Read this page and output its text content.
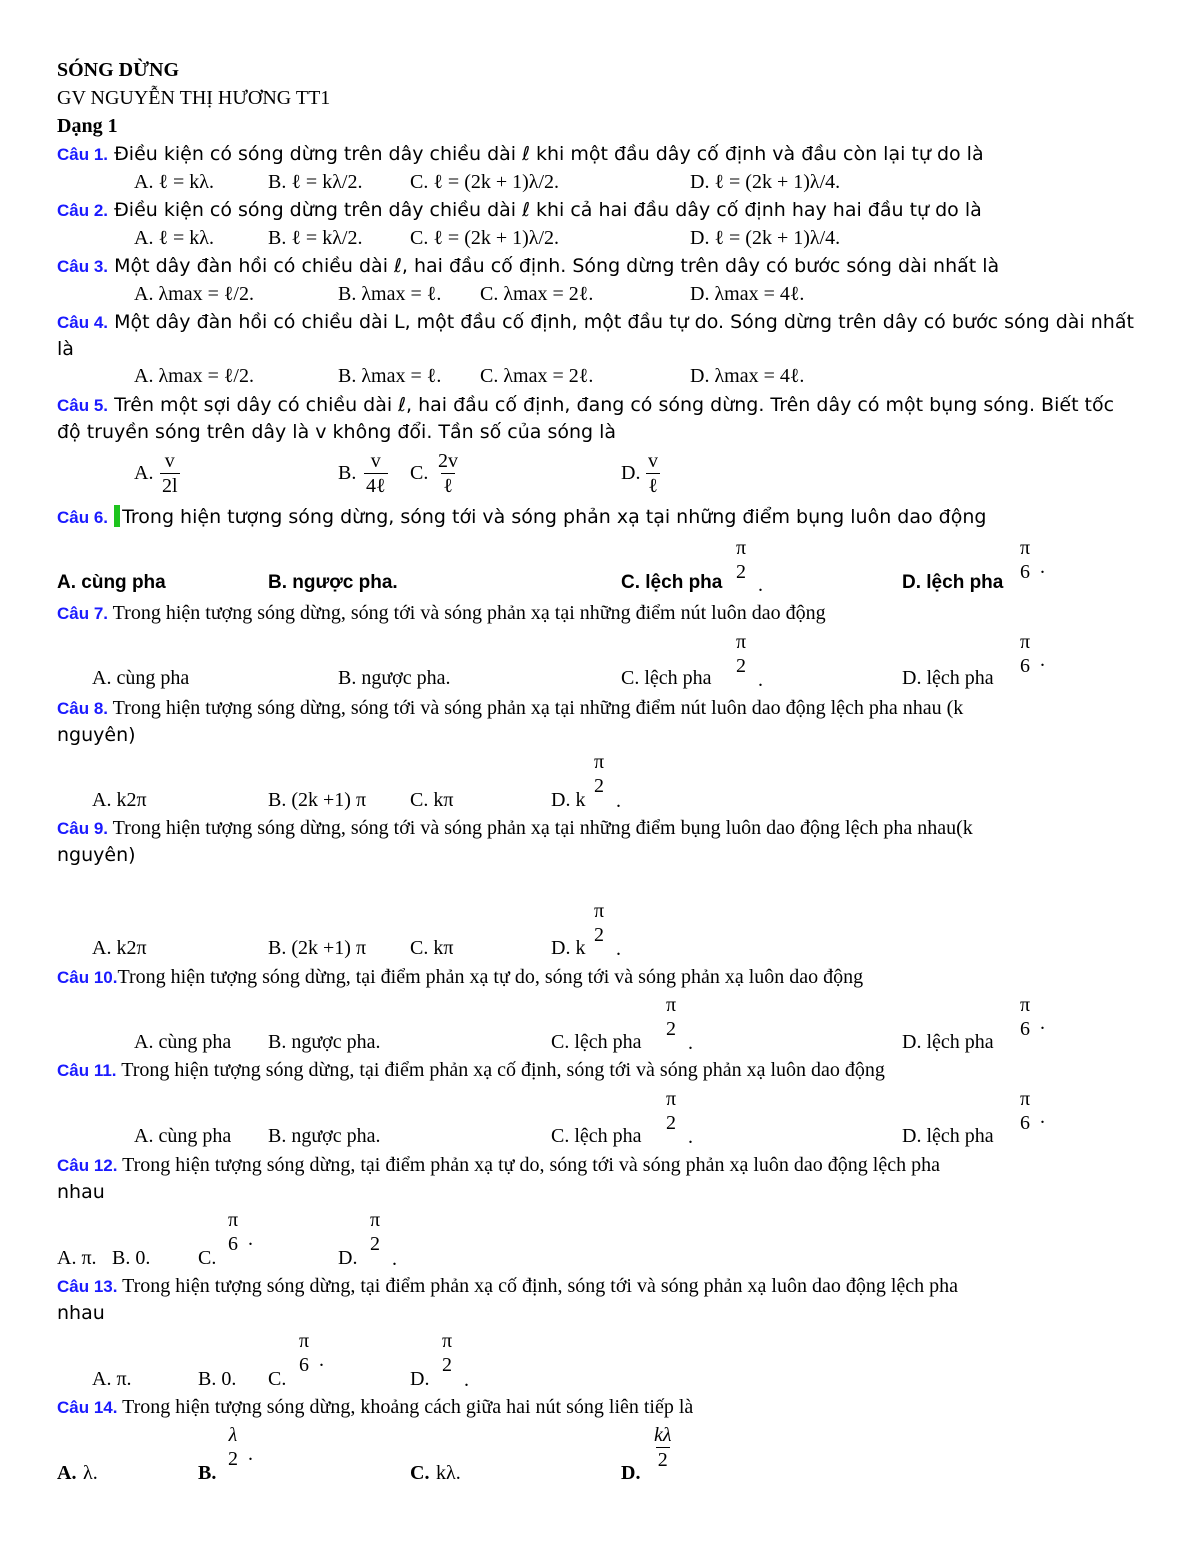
SÓNG DỪNG
GV NGUYỄN THỊ HƯƠNG TT1
Dạng 1
Câu 1. Điều kiện có sóng dừng trên dây chiều dài ℓ khi một đầu dây cố định và đầu còn lại tự do là
A. ℓ = kλ.	B. ℓ = kλ/2. C. ℓ = (2k + 1)λ/2.	D. ℓ = (2k + 1)λ/4.
Câu 2. Điều kiện có sóng dừng trên dây chiều dài ℓ khi cả hai đầu dây cố định hay hai đầu tự do là
A. ℓ = kλ.	B. ℓ = kλ/2. C. ℓ = (2k + 1)λ/2.	D. ℓ = (2k + 1)λ/4.
Câu 3. Một dây đàn hồi có chiều dài ℓ, hai đầu cố định. Sóng dừng trên dây có bước sóng dài nhất là
A. λmax = ℓ/2.	B. λmax = ℓ. C. λmax = 2ℓ.	D. λmax = 4ℓ.
Câu 4. Một dây đàn hồi có chiều dài L, một đầu cố định, một đầu tự do. Sóng dừng trên dây có bước sóng dài nhất
là
A. λmax = ℓ/2.	B. λmax = ℓ. C. λmax = 2ℓ.	D. λmax = 4ℓ.
Câu 5. Trên một sợi dây có chiều dài ℓ, hai đầu cố định, đang có sóng dừng. Trên dây có một bụng sóng. Biết tốc
độ truyền sóng trên dây là v không đổi. Tần số của sóng là
A. $\frac{v}{2l}$	B.
v
4ℓ
C.
2v
ℓ
D.
v
ℓ
Câu 6. Trong hiện tượng sóng dừng, sóng tới và sóng phản xạ tại những điểm bụng luôn dao động
A. cùng pha	B. ngược pha.	C. lệch pha
π
2
.	D. lệch pha
π
6 .
Câu 7. Trong hiện tượng sóng dừng, sóng tới và sóng phản xạ tại những điểm nút luôn dao động
A. cùng pha	B. ngược pha.	C. lệch pha
π
2
.	D. lệch pha
π
6 .
Câu 8. Trong hiện tượng sóng dừng, sóng tới và sóng phản xạ tại những điểm nút luôn dao động lệch pha nhau (k
nguyên)
A. k2π	B. (2k +1) π C. kπ	D. k
π
2
.
Câu 9. Trong hiện tượng sóng dừng, sóng tới và sóng phản xạ tại những điểm bụng luôn dao động lệch pha nhau(k
nguyên)
A. k2π	B. (2k +1) π C. kπ	D. k
π
2
.
Câu 10.Trong hiện tượng sóng dừng, tại điểm phản xạ tự do, sóng tới và sóng phản xạ luôn dao động
A. cùng pha B. ngược pha.	C. lệch pha
π
2
.	D. lệch pha
π
6 .
Câu 11. Trong hiện tượng sóng dừng, tại điểm phản xạ cố định, sóng tới và sóng phản xạ luôn dao động
A. cùng pha B. ngược pha.	C. lệch pha
π
2
.	D. lệch pha
π
6 .
Câu 12. Trong hiện tượng sóng dừng, tại điểm phản xạ tự do, sóng tới và sóng phản xạ luôn dao động lệch pha
nhau
A. π. B. 0. C.
π
6 .
D.
π
2
.
Câu 13. Trong hiện tượng sóng dừng, tại điểm phản xạ cố định, sóng tới và sóng phản xạ luôn dao động lệch pha
nhau
A. π.	B. 0. C.
π
6 .
D.
π
2
.
Câu 14. Trong hiện tượng sóng dừng, khoảng cách giữa hai nút sóng liên tiếp là
A. λ.	B.
λ
2 .
C. kλ.	D.
$\frac{k\lambda}{2}$
